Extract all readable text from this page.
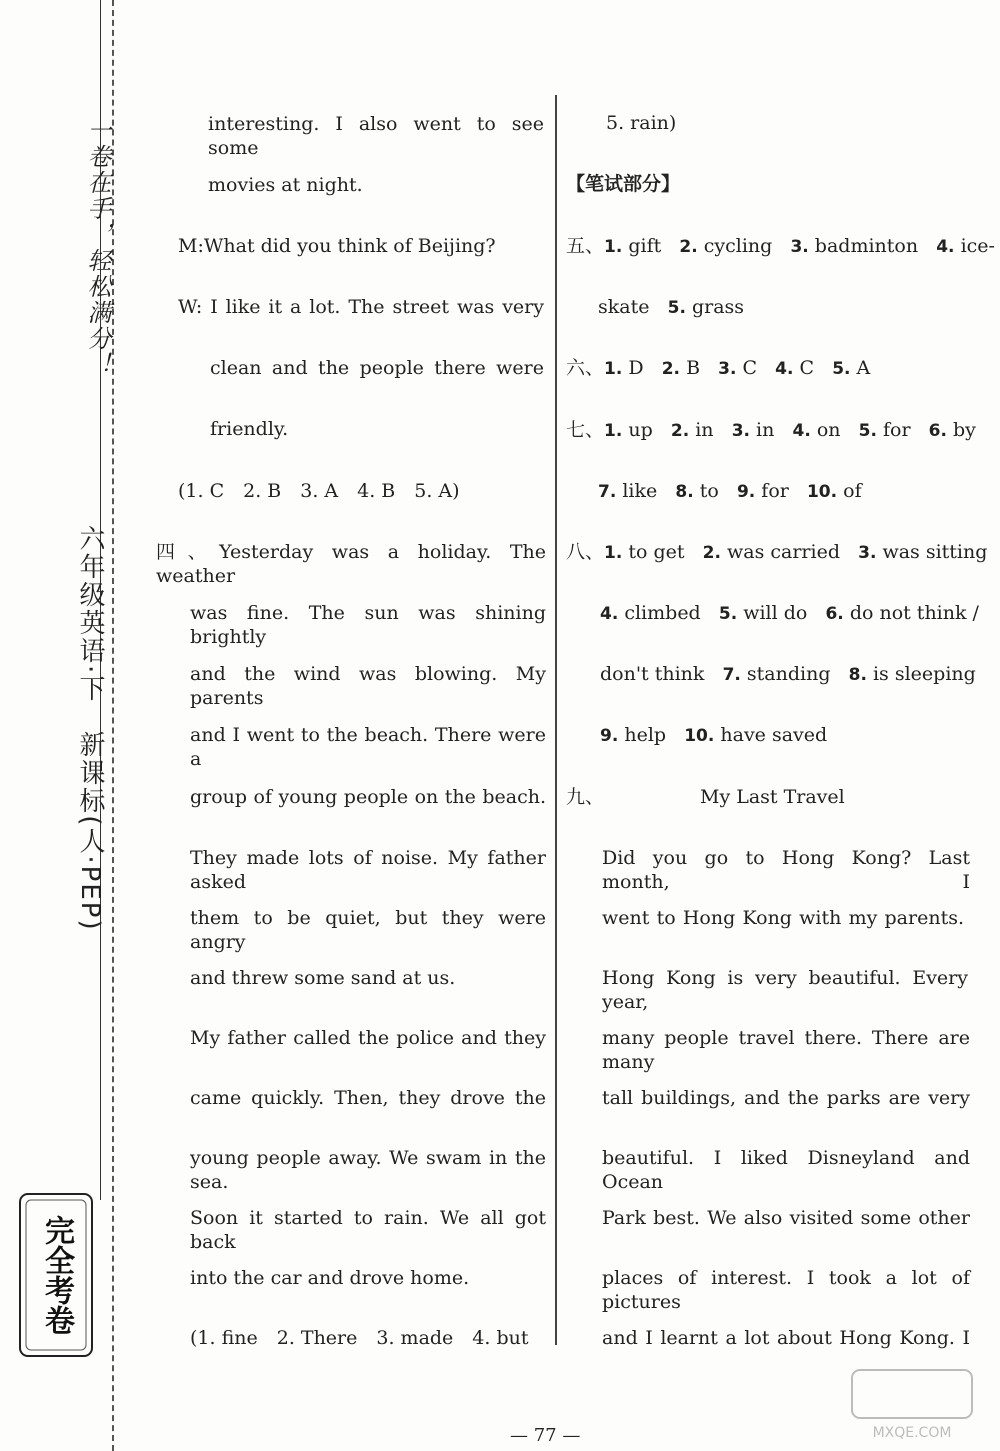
一卷在手，轻松满分！
六年级英语·下　新课标(人·PEP)
完全考卷
interesting. I also went to see some
movies at night.
M:What did you think of Beijing?
W: I like it a lot. The street was very
clean and the people there were
friendly.
(1. C　2. B　3. A　4. B　5. A)
四、Yesterday was a holiday. The weather
was fine. The sun was shining brightly
and the wind was blowing. My parents
and I went to the beach. There were a
group of young people on the beach.
They made lots of noise. My father asked
them to be quiet, but they were angry
and threw some sand at us.
My father called the police and they
came quickly. Then, they drove the
young people away. We swam in the sea.
Soon it started to rain. We all got back
into the car and drove home.
(1. fine　2. There　3. made　4. but
5. rain)
【笔试部分】
五、1. gift 2. cycling 3. badminton 4. ice-
skate 5. grass
六、1. D 2. B 3. C 4. C 5. A
七、1. up 2. in 3. in 4. on 5. for 6. by
7. like 8. to 9. for 10. of
八、1. to get 2. was carried 3. was sitting
4. climbed 5. will do 6. do not think /
don't think 7. standing 8. is sleeping
9. help 10. have saved
九、	My Last Travel
Did you go to Hong Kong? Last month, I
went to Hong Kong with my parents.
Hong Kong is very beautiful. Every year,
many people travel there. There are many
tall buildings, and the parks are very
beautiful. I liked Disneyland and Ocean
Park best. We also visited some other
places of interest. I took a lot of pictures
and I learnt a lot about Hong Kong. I
— 77 —	MXQE.COM
